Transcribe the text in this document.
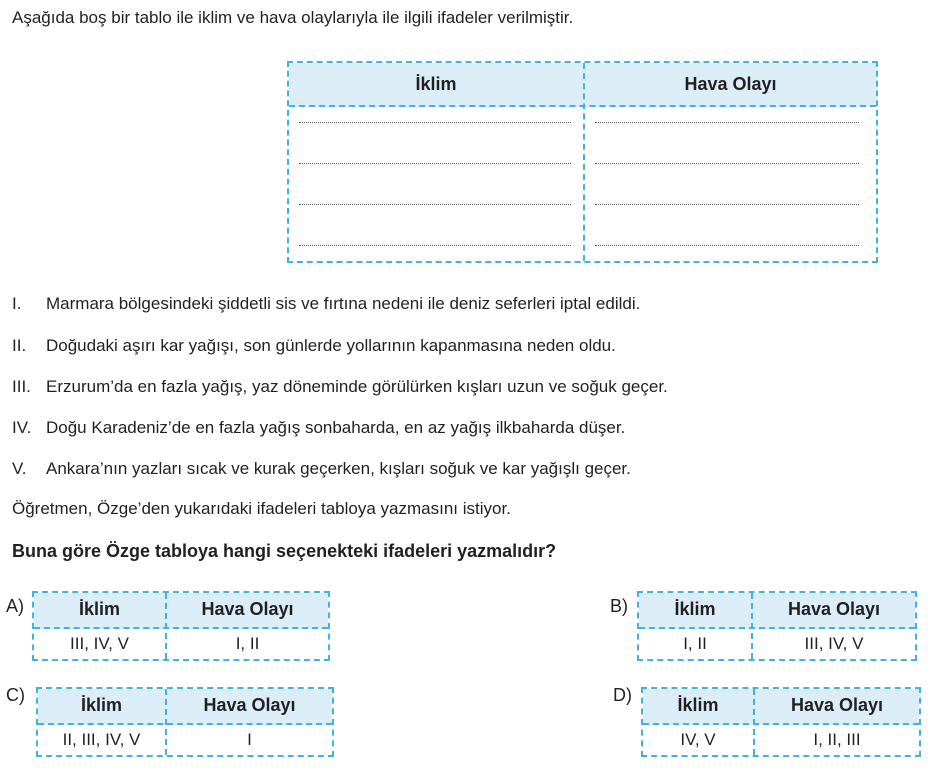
Aşağıda boş bir tablo ile iklim ve hava olaylarıyla ile ilgili ifadeler verilmiştir.
İklim	Hava Olayı
I. Marmara bölgesindeki şiddetli sis ve fırtına nedeni ile deniz seferleri iptal edildi.
II. Doğudaki aşırı kar yağışı, son günlerde yollarının kapanmasına neden oldu.
III. Erzurum’da en fazla yağış, yaz döneminde görülürken kışları uzun ve soğuk geçer.
IV. Doğu Karadeniz’de en fazla yağış sonbaharda, en az yağış ilkbaharda düşer.
V. Ankara’nın yazları sıcak ve kurak geçerken, kışları soğuk ve kar yağışlı geçer.
Öğretmen, Özge’den yukarıdaki ifadeleri tabloya yazmasını istiyor.
Buna göre Özge tabloya hangi seçenekteki ifadeleri yazmalıdır?
A)	İklim	Hava Olayı
III, IV, V	I, II
B)	İklim	Hava Olayı
I, II	III, IV, V
C)	İklim	Hava Olayı
II, III, IV, V	I
D)	İklim	Hava Olayı
IV, V	I, II, III
